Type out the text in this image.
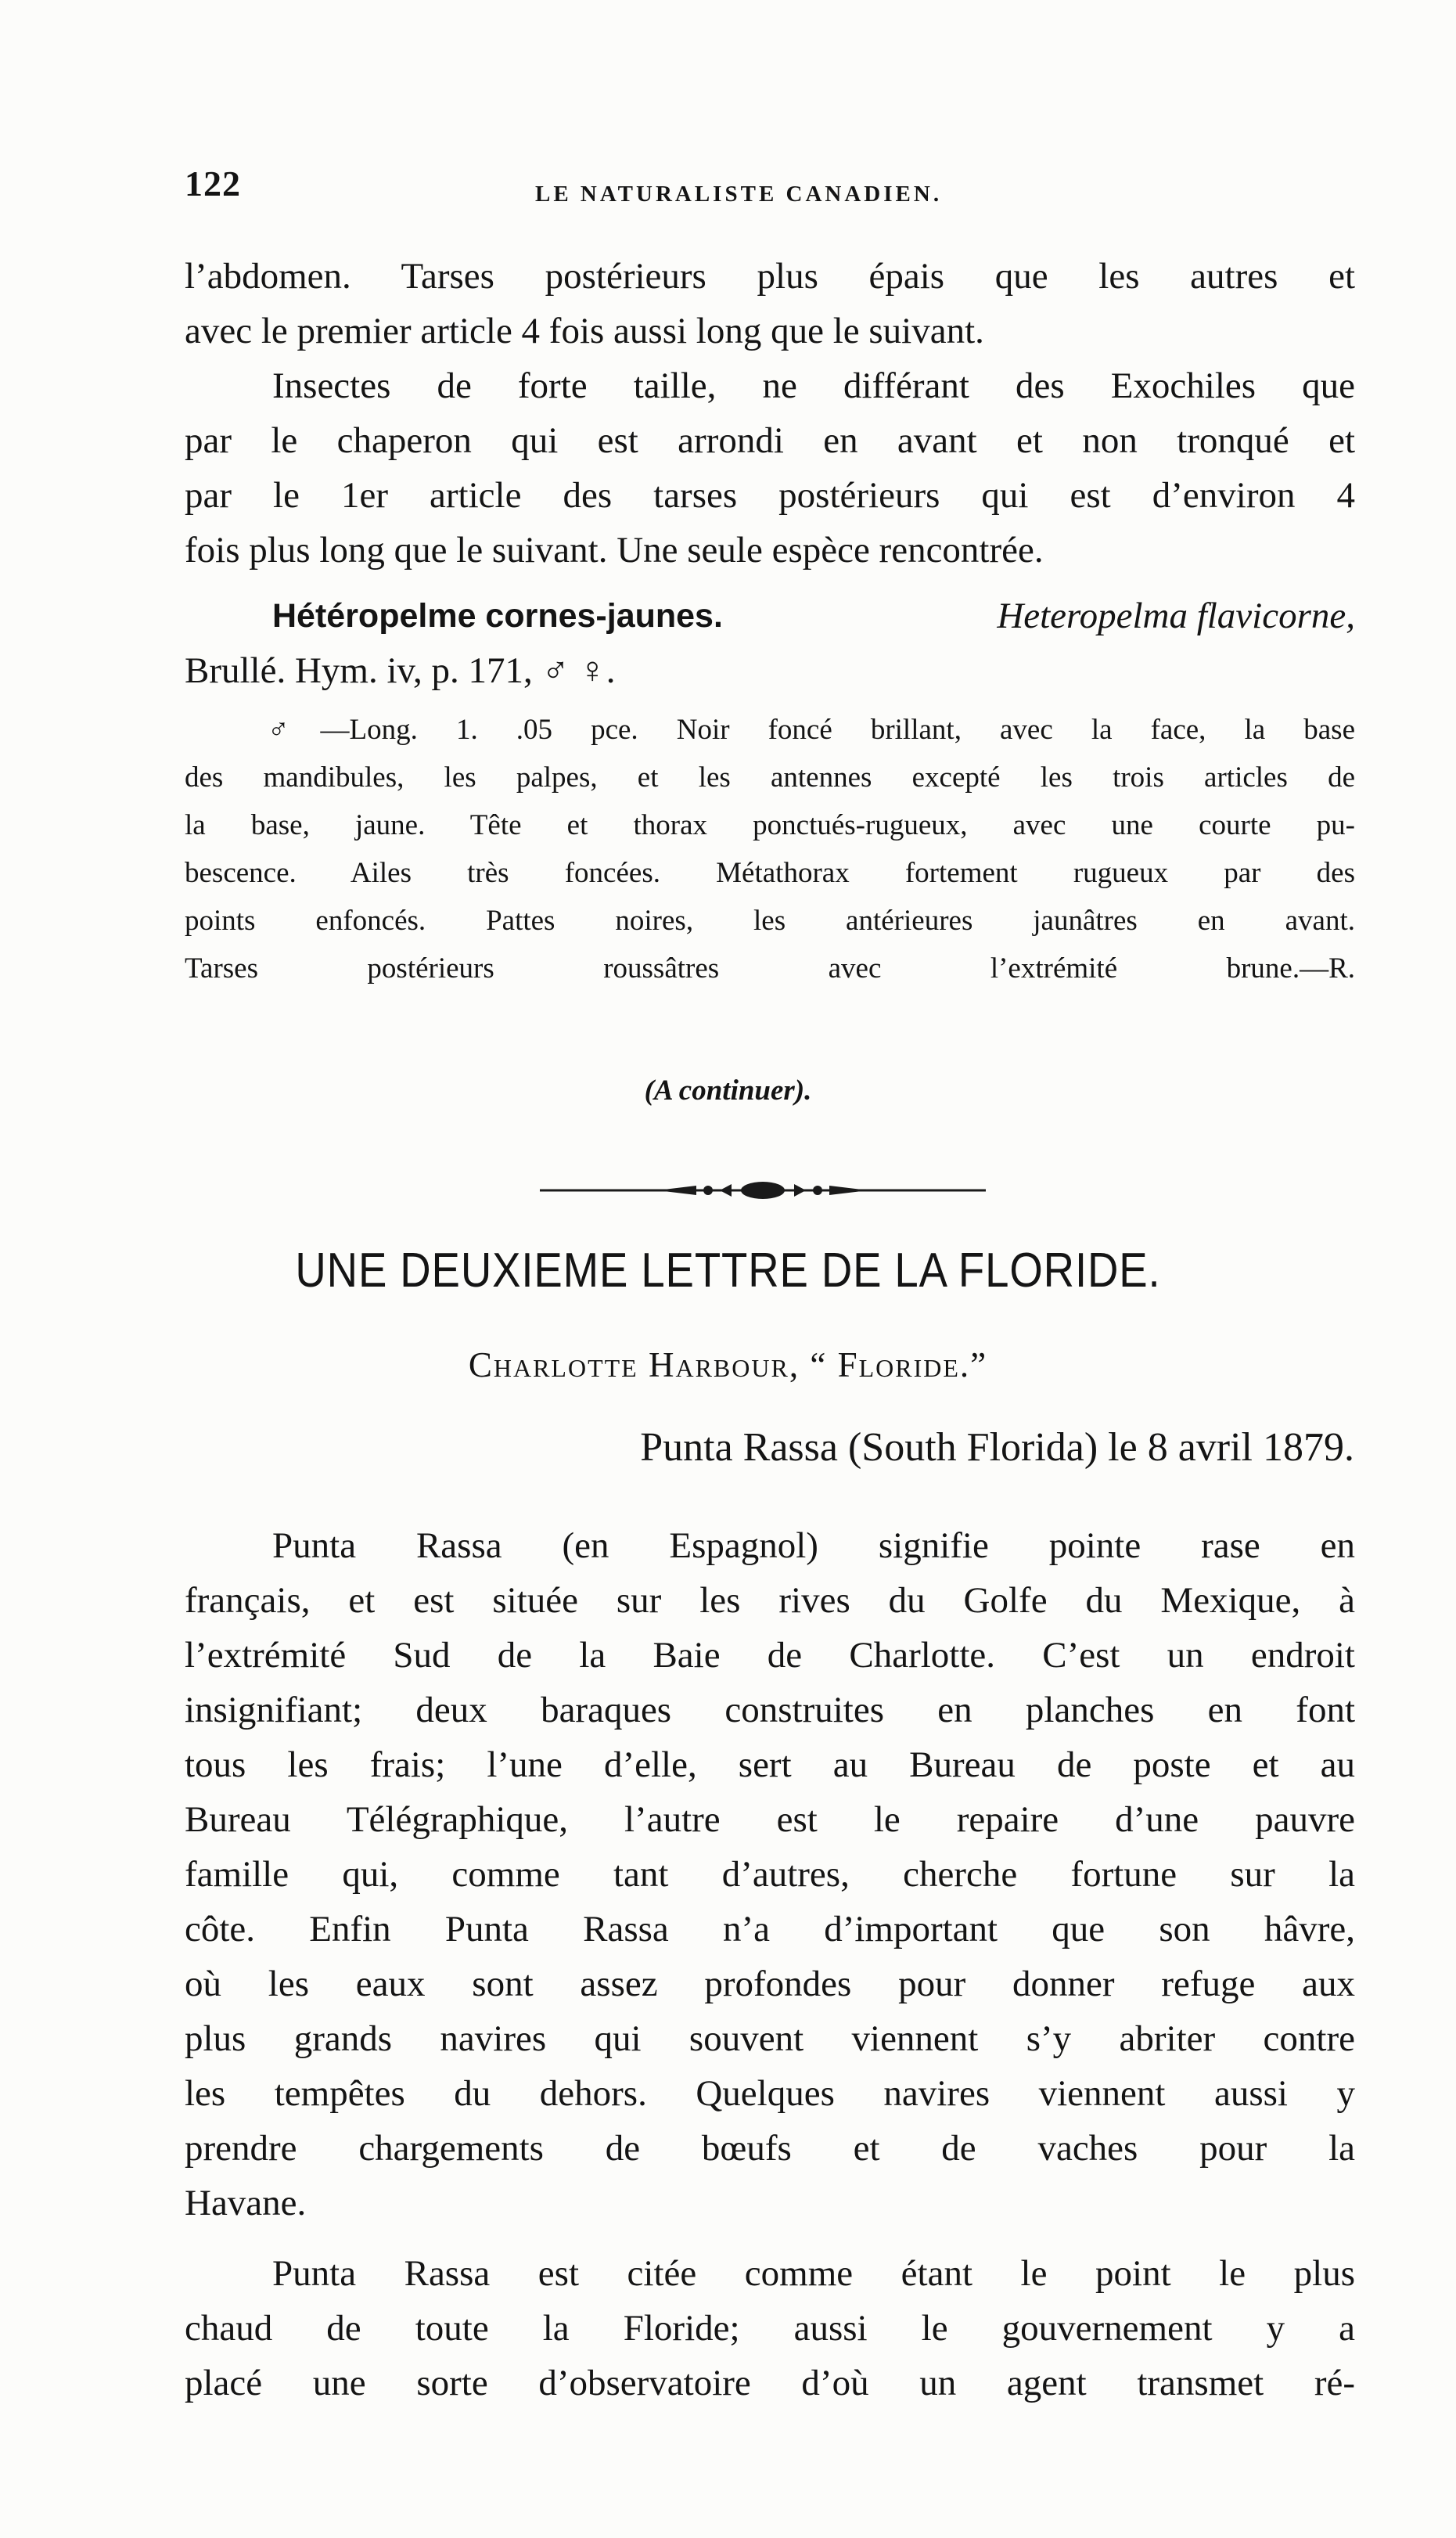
122	LE NATURALISTE CANADIEN.
l’abdomen. Tarses postérieurs plus épais que les autres et
avec le premier article 4 fois aussi long que le suivant.
Insectes de forte taille, ne différant des Exochiles que
par le chaperon qui est arrondi en avant et non tronqué et
par le 1er article des tarses postérieurs qui est d’environ 4
fois plus long que le suivant. Une seule espèce rencontrée.
Hétéropelme cornes-jaunes.	Heteropelma flavicorne,
Brullé. Hym. iv, p. 171, ♂ ♀.
♂—Long. 1. .05 pce. Noir foncé brillant, avec la face, la base
des mandibules, les palpes, et les antennes excepté les trois articles de
la base, jaune. Tête et thorax ponctués-rugueux, avec une courte pu-
bescence. Ailes très foncées. Métathorax fortement rugueux par des
points enfoncés. Pattes noires, les antérieures jaunâtres en avant.
Tarses postérieurs roussâtres avec l’extrémité brune.—R.
(A continuer).
UNE DEUXIEME LETTRE DE LA FLORIDE.
Charlotte Harbour, “ Floride.”
Punta Rassa (South Florida) le 8 avril 1879.
Punta Rassa (en Espagnol) signifie pointe rase en
français, et est située sur les rives du Golfe du Mexique, à
l’extrémité Sud de la Baie de Charlotte. C’est un endroit
insignifiant; deux baraques construites en planches en font
tous les frais; l’une d’elle, sert au Bureau de poste et au
Bureau Télégraphique, l’autre est le repaire d’une pauvre
famille qui, comme tant d’autres, cherche fortune sur la
côte. Enfin Punta Rassa n’a d’important que son hâvre,
où les eaux sont assez profondes pour donner refuge aux
plus grands navires qui souvent viennent s’y abriter contre
les tempêtes du dehors. Quelques navires viennent aussi y
prendre chargements de bœufs et de vaches pour la
Havane.
Punta Rassa est citée comme étant le point le plus
chaud de toute la Floride; aussi le gouvernement y a
placé une sorte d’observatoire d’où un agent transmet ré-
